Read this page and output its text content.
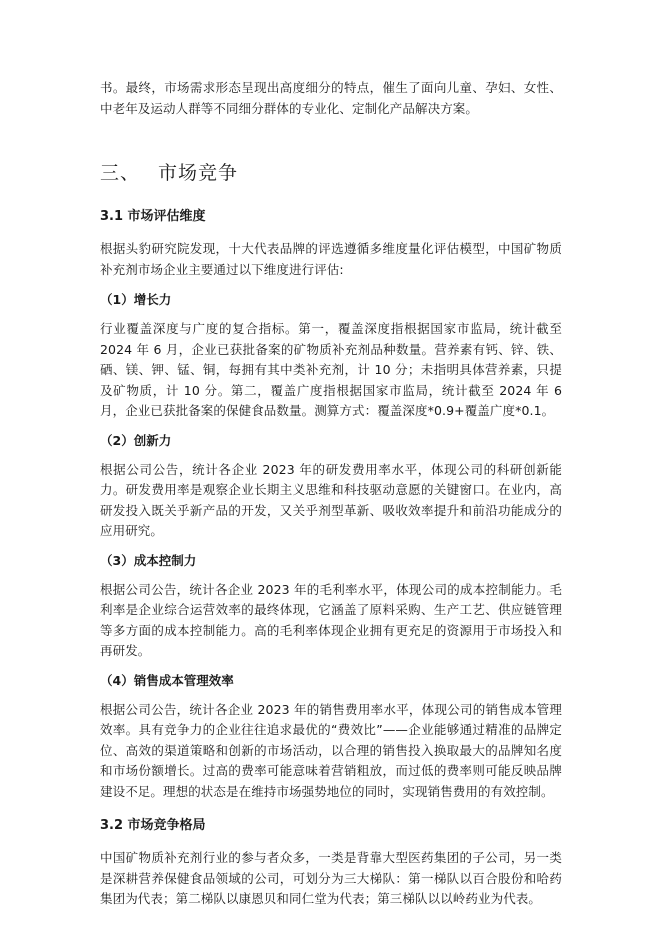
书。最终，市场需求形态呈现出高度细分的特点，催生了面向儿童、孕妇、女性、中老年及运动人群等不同细分群体的专业化、定制化产品解决方案。

三、 市场竞争
3.1 市场评估维度

根据头豹研究院发现，十大代表品牌的评选遵循多维度量化评估模型，中国矿物质补充剂市场企业主要通过以下维度进行评估:

（1）增长力

行业覆盖深度与广度的复合指标。第一，覆盖深度指根据国家市监局，统计截至 2024 年 6 月，企业已获批备案的矿物质补充剂品种数量。营养素有钙、锌、铁、硒、镁、钾、锰、铜，每拥有其中类补充剂，计 10 分；未指明具体营养素，只提及矿物质，计 10 分。第二，覆盖广度指根据国家市监局，统计截至 2024 年 6 月，企业已获批备案的保健食品数量。测算方式：覆盖深度*0.9+覆盖广度*0.1。

（2）创新力

根据公司公告，统计各企业 2023 年的研发费用率水平，体现公司的科研创新能力。研发费用率是观察企业长期主义思维和科技驱动意愿的关键窗口。在业内，高研发投入既关乎新产品的开发，又关乎剂型革新、吸收效率提升和前沿功能成分的应用研究。

（3）成本控制力

根据公司公告，统计各企业 2023 年的毛利率水平，体现公司的成本控制能力。毛利率是企业综合运营效率的最终体现，它涵盖了原料采购、生产工艺、供应链管理等多方面的成本控制能力。高的毛利率体现企业拥有更充足的资源用于市场投入和再研发。

（4）销售成本管理效率

根据公司公告，统计各企业 2023 年的销售费用率水平，体现公司的销售成本管理效率。具有竞争力的企业往往追求最优的“费效比”——企业能够通过精准的品牌定位、高效的渠道策略和创新的市场活动，以合理的销售投入换取最大的品牌知名度和市场份额增长。过高的费率可能意味着营销粗放，而过低的费率则可能反映品牌建设不足。理想的状态是在维持市场强势地位的同时，实现销售费用的有效控制。

3.2 市场竞争格局

中国矿物质补充剂行业的参与者众多，一类是背靠大型医药集团的子公司，另一类是深耕营养保健食品领域的公司，可划分为三大梯队：第一梯队以百合股份和哈药集团为代表；第二梯队以康恩贝和同仁堂为代表；第三梯队以以岭药业为代表。
